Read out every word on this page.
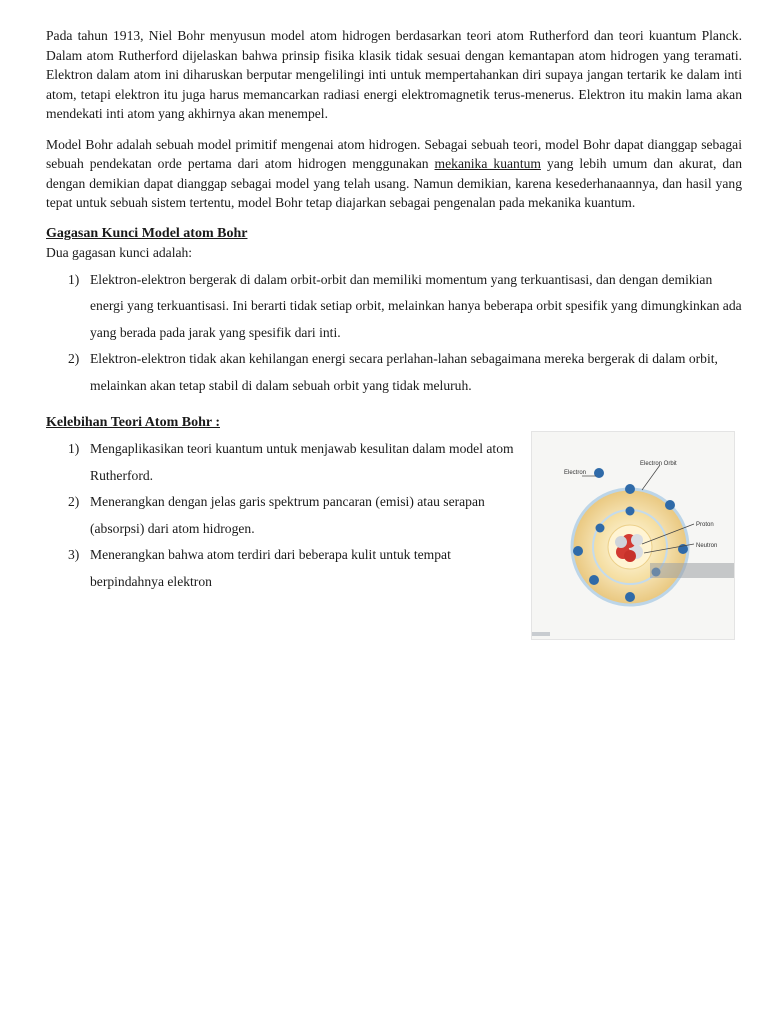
Pada tahun 1913, Niel Bohr menyusun model atom hidrogen berdasarkan teori atom Rutherford dan teori kuantum Planck. Dalam atom Rutherford dijelaskan bahwa prinsip fisika klasik tidak sesuai dengan kemantapan atom hidrogen yang teramati. Elektron dalam atom ini diharuskan berputar mengelilingi inti untuk mempertahankan diri supaya jangan tertarik ke dalam inti atom, tetapi elektron itu juga harus memancarkan radiasi energi elektromagnetik terus-menerus. Elektron itu makin lama akan mendekati inti atom yang akhirnya akan menempel.

Model Bohr adalah sebuah model primitif mengenai atom hidrogen. Sebagai sebuah teori, model Bohr dapat dianggap sebagai sebuah pendekatan orde pertama dari atom hidrogen menggunakan mekanika kuantum yang lebih umum dan akurat, dan dengan demikian dapat dianggap sebagai model yang telah usang. Namun demikian, karena kesederhanaannya, dan hasil yang tepat untuk sebuah sistem tertentu, model Bohr tetap diajarkan sebagai pengenalan pada mekanika kuantum.

Gagasan Kunci Model atom Bohr
Dua gagasan kunci adalah:
1) Elektron-elektron bergerak di dalam orbit-orbit dan memiliki momentum yang terkuantisasi, dan dengan demikian energi yang terkuantisasi. Ini berarti tidak setiap orbit, melainkan hanya beberapa orbit spesifik yang dimungkinkan ada yang berada pada jarak yang spesifik dari inti.
2) Elektron-elektron tidak akan kehilangan energi secara perlahan-lahan sebagaimana mereka bergerak di dalam orbit, melainkan akan tetap stabil di dalam sebuah orbit yang tidak meluruh.
Kelebihan Teori Atom Bohr :
1) Mengaplikasikan teori kuantum untuk menjawab kesulitan dalam model atom Rutherford.
2) Menerangkan dengan jelas garis spektrum pancaran (emisi) atau serapan (absorpsi) dari atom hidrogen.
3) Menerangkan bahwa atom terdiri dari beberapa kulit untuk tempat berpindahnya elektron
Electron
Electron Orbit
Proton
Neutron
